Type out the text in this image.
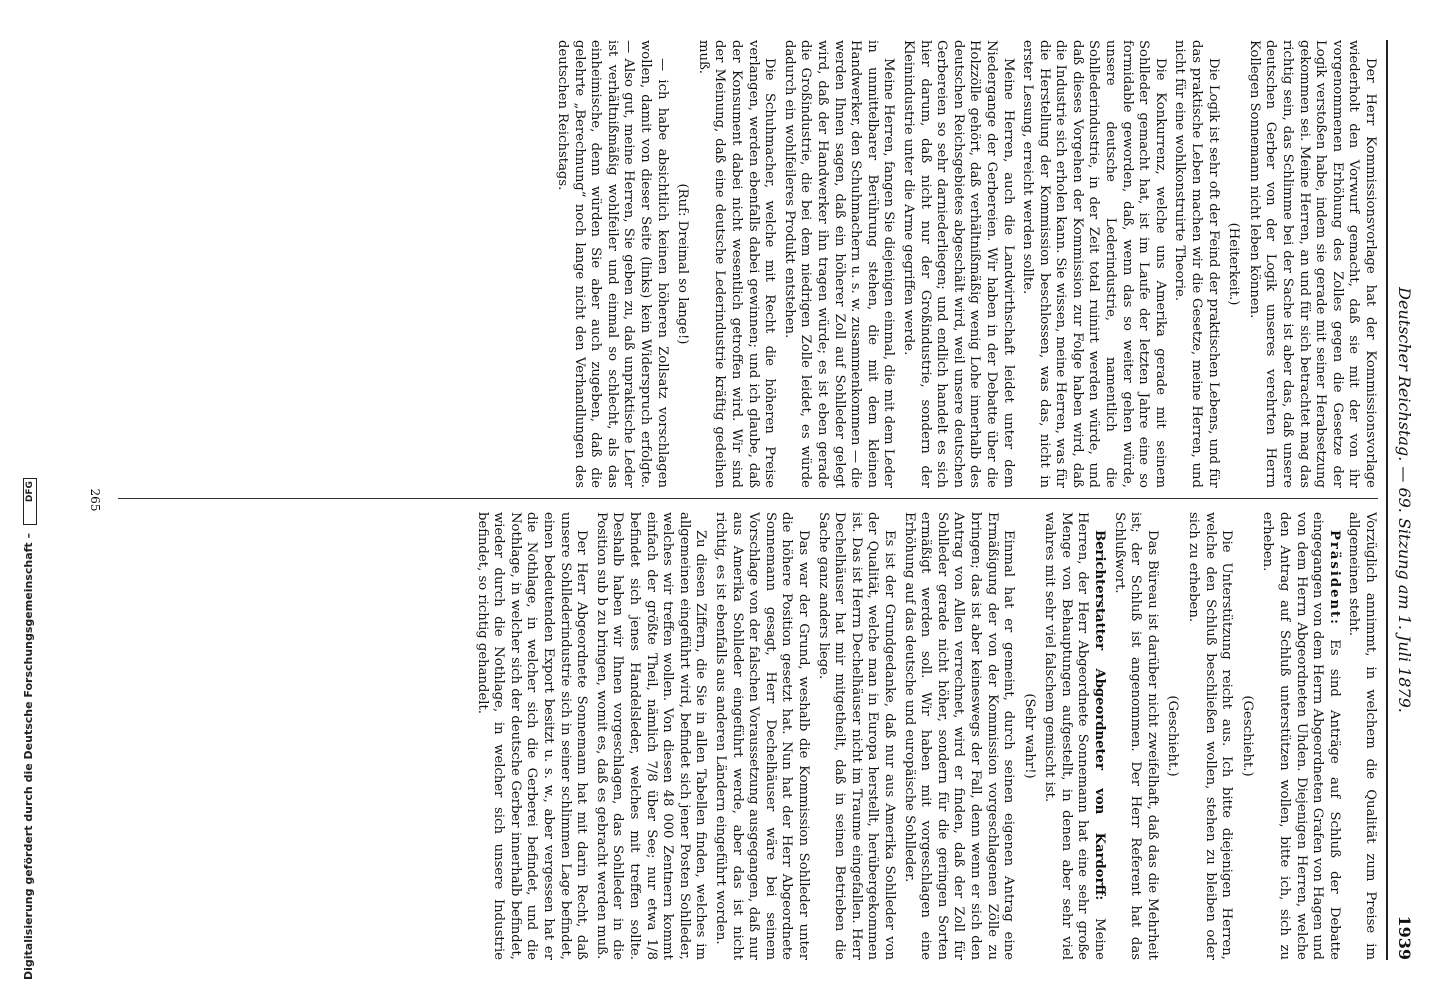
Digitalisierung gefördert durch die Deutsche Forschungsgemeinschaft – DFG	Deutscher Reichstag. — 69. Sitzung am 1. Juli 1879.
1939

Der Herr Kommissionsvorlage hat der Kommissionsvorlage wiederholt den Vorwurf gemacht, daß sie mit der von ihr vorgenommenen Erhöhung des Zolles gegen die Gesetze der Logik verstoßen habe, indem sie gerade mit seiner Herabsetzung gekommen sei. Meine Herren, an und für sich betrachtet mag das richtig sein, das Schlimme bei der Sache ist aber das, daß unsere deutschen Gerber von der Logik unseres verehrten Herrn Kollegen Sonnemann nicht leben können.

(Heiterkeit.)

Die Logik ist sehr oft der Feind der praktischen Lebens, und für das praktische Leben machen wir die Gesetze, meine Herren, und nicht für eine wohlkonstruirte Theorie.

Die Konkurrenz, welche uns Amerika gerade mit seinem Sohlleder gemacht hat, ist im Laufe der letzten Jahre eine so formidable geworden, daß, wenn das so weiter gehen würde, unsere deutsche Lederindustrie, namentlich die Sohllederindustrie, in der Zeit total ruinirt werden würde, und daß dieses Vorgehen der Kommission zur Folge haben wird, daß die Industrie sich erholen kann. Sie wissen, meine Herren, was für die Herstellung der Kommission beschlossen, was das, nicht in erster Lesung, erreicht werden sollte.

Meine Herren, auch die Landwirthschaft leidet unter dem Niedergange der Gerbereien. Wir haben in der Debatte über die Holzzölle gehört, daß verhältnißmäßig wenig Lohe innerhalb des deutschen Reichsgebietes abgeschält wird, weil unsere deutschen Gerbereien so sehr darniederliegen; und endlich handelt es sich hier darum, daß nicht nur der Großindustrie, sondern der Kleinindustrie unter die Arme gegriffen werde.

Meine Herren, fangen Sie diejenigen einmal, die mit dem Leder in unmittelbarer Berührung stehen, die mit dem kleinen Handwerker, den Schuhmachern u. s. w. zusammenkommen — die werden Ihnen sagen, daß ein höherer Zoll auf Sohlleder gelegt wird, daß der Handwerker ihn tragen würde; es ist eben gerade die Großindustrie, die bei dem niedrigen Zolle leidet, es würde dadurch ein wohlfeileres Produkt entstehen.

Die Schuhmacher, welche mit Recht die höheren Preise verlangen, werden ebenfalls dabei gewinnen; und ich glaube, daß der Konsument dabei nicht wesentlich getroffen wird. Wir sind der Meinung, daß eine deutsche Lederindustrie kräftig gedeihen muß.

(Ruf: Dreimal so lange!)

— ich habe absichtlich keinen höheren Zollsatz vorschlagen wollen, damit von dieser Seite (links) kein Widerspruch erfolgte. — Also gut, meine Herren, Sie geben zu, daß unpraktische Leder ist verhältnißmäßig wohlfeiler und einmal so schlecht, als das einheimische, denn würden Sie aber auch zugeben, daß die gelehrte „Berechnung“ noch lange nicht den Verhandlungen des deutschen Reichstags.

Vorzüglich annimmt, in welchem die Qualität zum Preise im allgemeinen steht.

Präsident: Es sind Anträge auf Schluß der Debatte eingegangen von dem Herrn Abgeordneten Grafen von Hagen und von dem Herrn Abgeordneten Uhden. Diejenigen Herren, welche den Antrag auf Schluß unterstützen wollen, bitte ich, sich zu erheben.

(Geschieht.)

Die Unterstützung reicht aus. Ich bitte diejenigen Herren, welche den Schluß beschließen wollen, stehen zu bleiben oder sich zu erheben.

(Geschieht.)

Das Büreau ist darüber nicht zweifelhaft, daß das die Mehrheit ist; der Schluß ist angenommen. Der Herr Referent hat das Schlußwort.

Berichterstatter Abgeordneter von Kardorff: Meine Herren, der Herr Abgeordnete Sonnemann hat eine sehr große Menge von Behauptungen aufgestellt, in denen aber sehr viel wahres mit sehr viel falschem gemischt ist.

(Sehr wahr!)

Einmal hat er gemeint, durch seinen eigenen Antrag eine Ermäßigung der von der Kommission vorgeschlagenen Zölle zu bringen; das ist aber keineswegs der Fall, denn wenn er sich den Antrag von Allen verrechnet, wird er finden, daß der Zoll für Sohlleder gerade nicht höher, sondern für die geringen Sorten ermäßigt werden soll. Wir haben mit vorgeschlagen eine Erhöhung auf das deutsche und europäische Sohlleder.

Es ist der Grundgedanke, daß nur aus Amerika Sohlleder von der Qualität, welche man in Europa herstellt, herübergekommen ist. Das ist Herrn Dechelhäuser nicht im Traume eingefallen. Herr Dechelhäuser hat mir mitgetheilt, daß in seinen Betrieben die Sache ganz anders liege.

Das war der Grund, weshalb die Kommission Sohlleder unter die höhere Position gesetzt hat. Nun hat der Herr Abgeordnete Sonnemann gesagt, Herr Dechelhäuser wäre bei seinem Vorschlage von der falschen Voraussetzung ausgegangen, daß nur aus Amerika Sohlleder eingeführt werde, aber das ist nicht richtig, es ist ebenfalls aus anderen Ländern eingeführt worden.

Zu diesen Ziffern, die Sie in allen Tabellen finden, welches im allgemeinen eingeführt wird, befindet sich jener Posten Sohlleder, welches wir treffen wollen. Von diesen 48 000 Zentnern kommt einfach der größte Theil, nämlich 7/8 über See; nur etwa 1/8 befindet sich jenes Handelsleder, welches mit treffen sollte. Deshalb haben wir Ihnen vorgeschlagen, das Sohlleder in die Position sub b zu bringen, womit es, daß es gebracht werden muß.

Der Herr Abgeordnete Sonnemann hat mit darin Recht, daß unsere Sohllederindustrie sich in seiner schlimmen Lage befindet, einen bedeutenden Export besitzt u. s. w., aber vergessen hat er die Nothlage, in welcher sich die Gerberei befindet, und die Nothlage, in welcher sich der deutsche Gerber innerhalb befindet, wieder durch die Nothlage, in welcher sich unsere Industrie befindet, so richtig gehandelt.

265
